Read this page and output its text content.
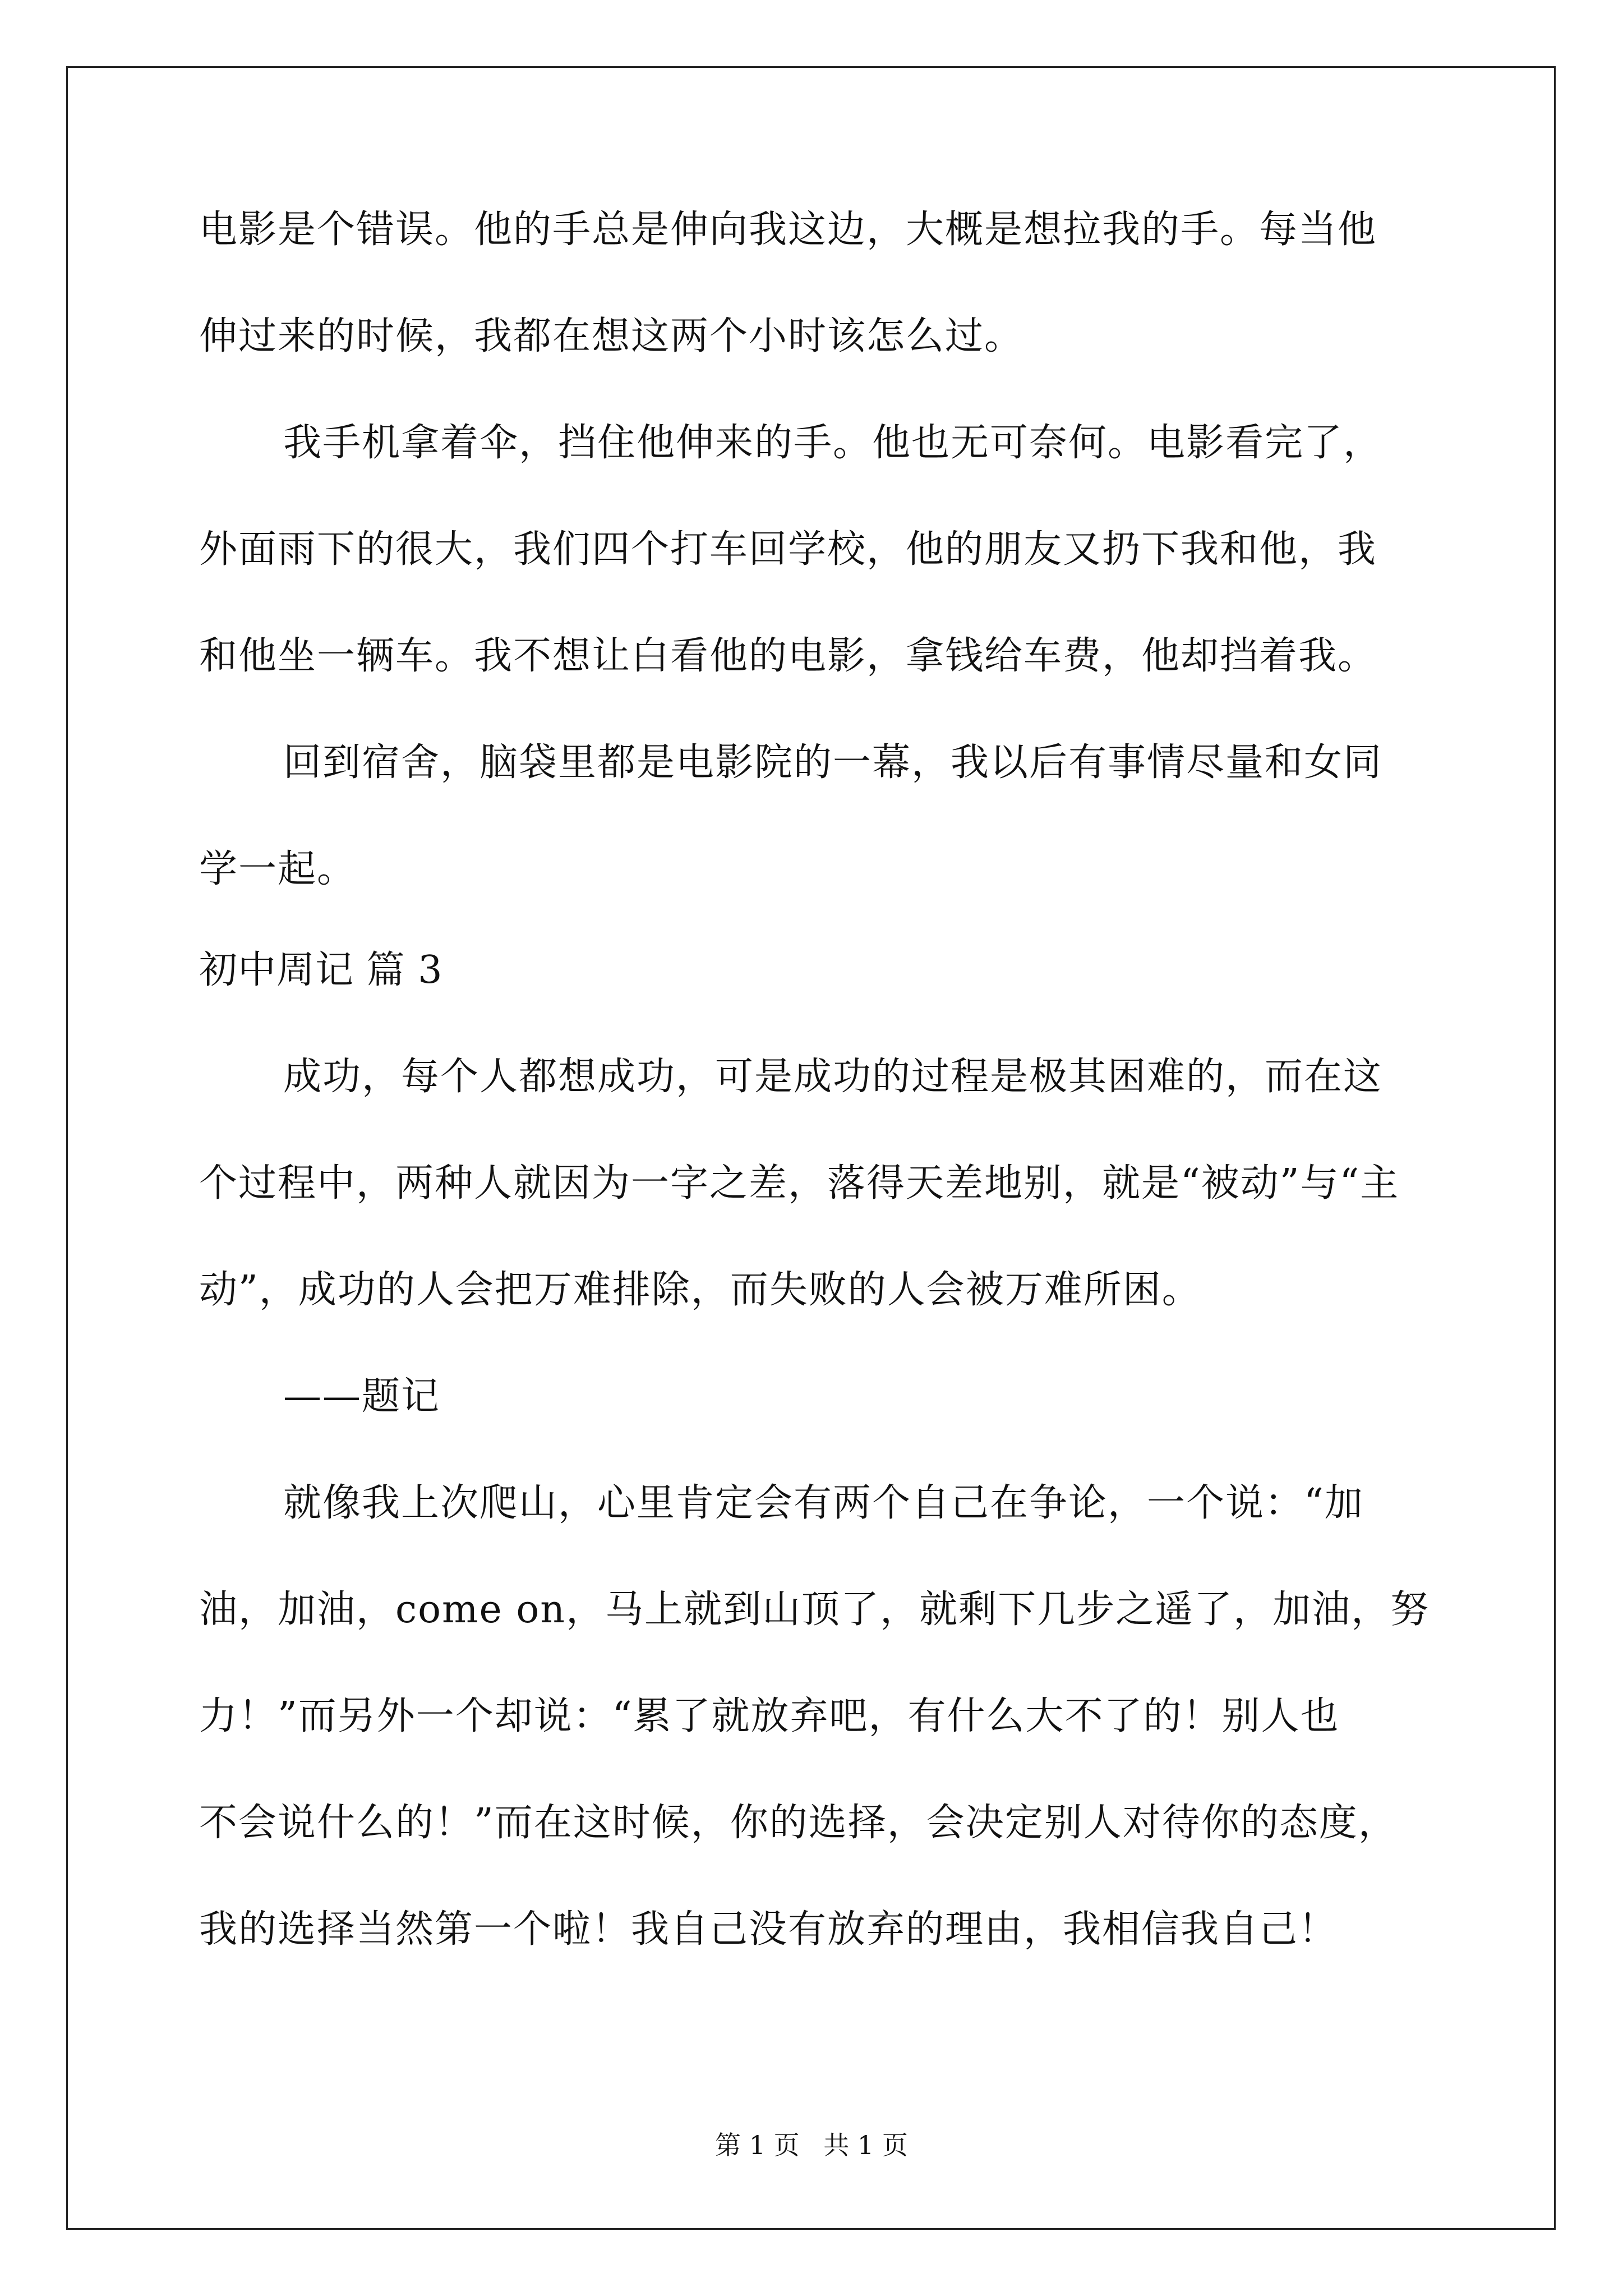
电影是个错误。他的手总是伸向我这边，大概是想拉我的手。每当他
伸过来的时候，我都在想这两个小时该怎么过。
我手机拿着伞，挡住他伸来的手。他也无可奈何。电影看完了，
外面雨下的很大，我们四个打车回学校，他的朋友又扔下我和他，我
和他坐一辆车。我不想让白看他的电影，拿钱给车费，他却挡着我。
回到宿舍，脑袋里都是电影院的一幕，我以后有事情尽量和女同
学一起。
初中周记 篇 3
成功，每个人都想成功，可是成功的过程是极其困难的，而在这
个过程中，两种人就因为一字之差，落得天差地别，就是“被动”与“主
动”，成功的人会把万难排除，而失败的人会被万难所困。
——题记
就像我上次爬山，心里肯定会有两个自己在争论，一个说：“加
油，加油，come on，马上就到山顶了，就剩下几步之遥了，加油，努
力！”而另外一个却说：“累了就放弃吧，有什么大不了的！别人也
不会说什么的！”而在这时候，你的选择，会决定别人对待你的态度，
我的选择当然第一个啦！我自己没有放弃的理由，我相信我自己！
第 1 页 共 1 页
